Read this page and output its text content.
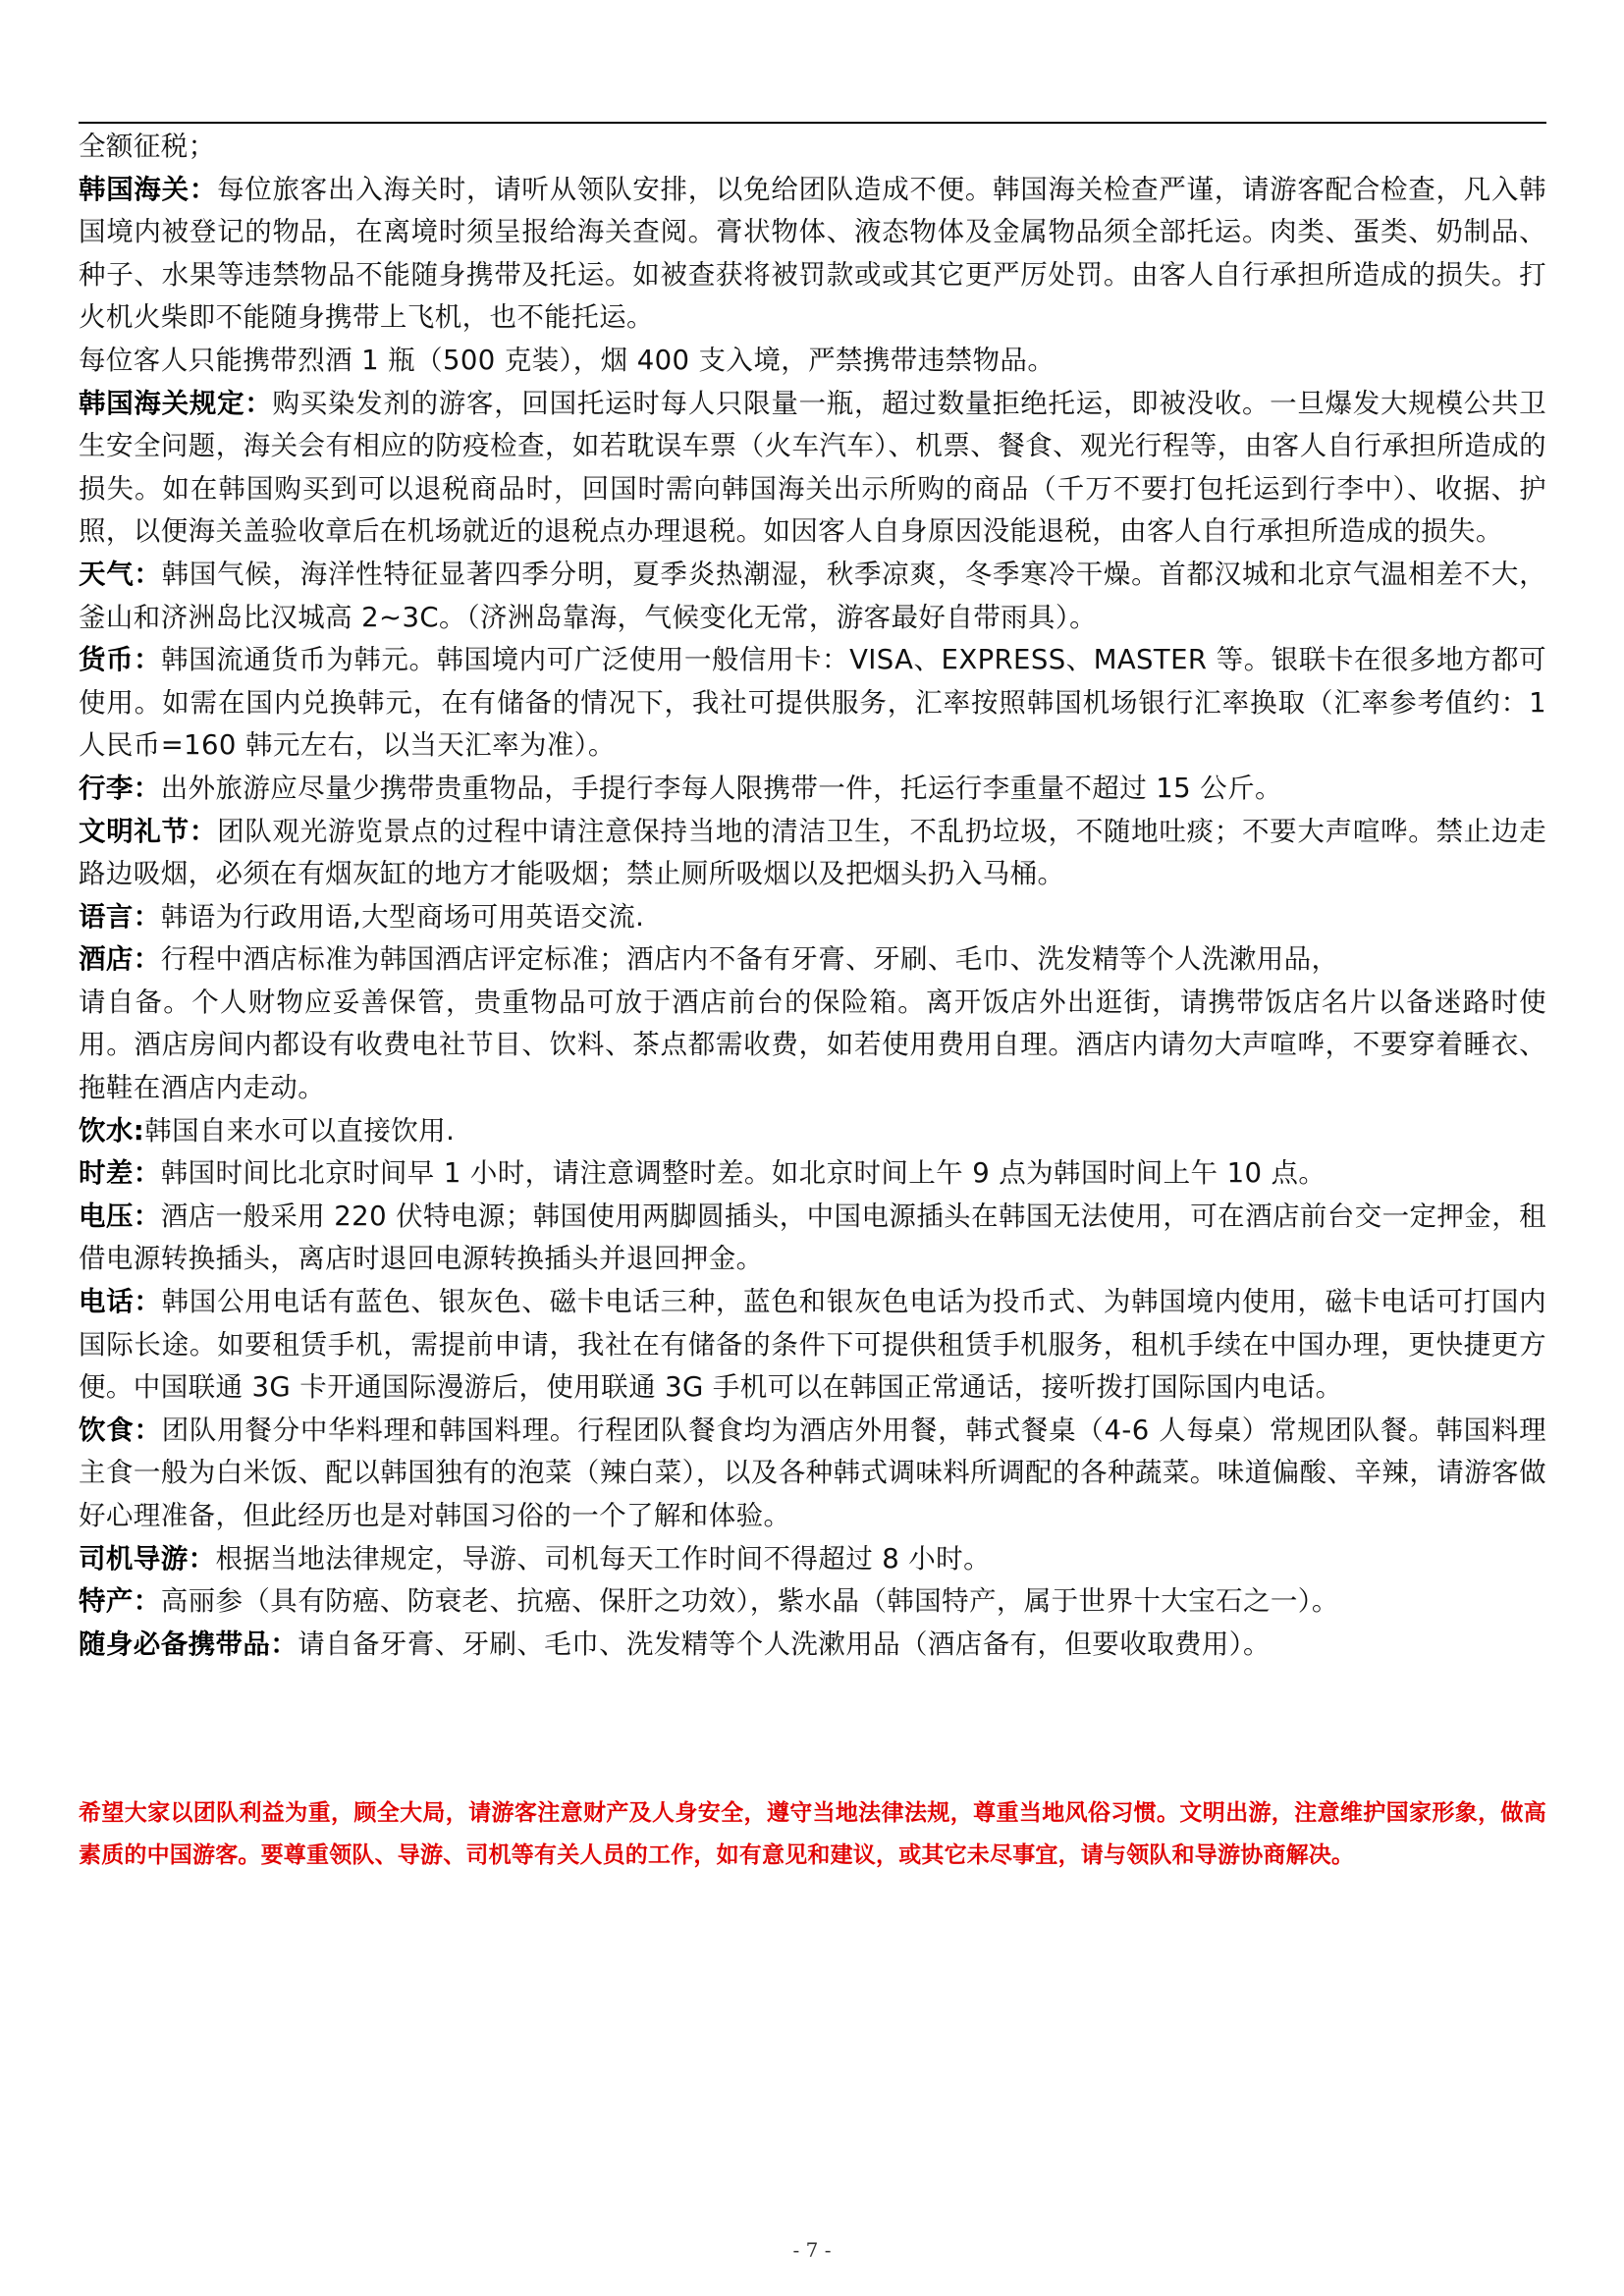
全额征税；

韩国海关：每位旅客出入海关时，请听从领队安排，以免给团队造成不便。韩国海关检查严谨，请游客配合检查，凡入韩国境内被登记的物品，在离境时须呈报给海关查阅。膏状物体、液态物体及金属物品须全部托运。肉类、蛋类、奶制品、种子、水果等违禁物品不能随身携带及托运。如被查获将被罚款或或其它更严厉处罚。由客人自行承担所造成的损失。打火机火柴即不能随身携带上飞机，也不能托运。

每位客人只能携带烈酒 1 瓶（500 克装），烟 400 支入境，严禁携带违禁物品。

韩国海关规定：购买染发剂的游客，回国托运时每人只限量一瓶，超过数量拒绝托运，即被没收。一旦爆发大规模公共卫生安全问题，海关会有相应的防疫检查，如若耽误车票（火车汽车）、机票、餐食、观光行程等，由客人自行承担所造成的损失。如在韩国购买到可以退税商品时，回国时需向韩国海关出示所购的商品（千万不要打包托运到行李中）、收据、护照，以便海关盖验收章后在机场就近的退税点办理退税。如因客人自身原因没能退税，由客人自行承担所造成的损失。

天气：韩国气候，海洋性特征显著四季分明，夏季炎热潮湿，秋季凉爽，冬季寒冷干燥。首都汉城和北京气温相差不大，釜山和济洲岛比汉城高 2~3C。（济洲岛靠海，气候变化无常，游客最好自带雨具）。

货币：韩国流通货币为韩元。韩国境内可广泛使用一般信用卡：VISA、EXPRESS、MASTER 等。银联卡在很多地方都可使用。如需在国内兑换韩元，在有储备的情况下，我社可提供服务，汇率按照韩国机场银行汇率换取（汇率参考值约：1 人民币=160 韩元左右，以当天汇率为准）。

行李：出外旅游应尽量少携带贵重物品，手提行李每人限携带一件，托运行李重量不超过 15 公斤。

文明礼节：团队观光游览景点的过程中请注意保持当地的清洁卫生，不乱扔垃圾，不随地吐痰；不要大声喧哗。禁止边走路边吸烟，必须在有烟灰缸的地方才能吸烟；禁止厕所吸烟以及把烟头扔入马桶。

语言：韩语为行政用语,大型商场可用英语交流.

酒店：行程中酒店标准为韩国酒店评定标准；酒店内不备有牙膏、牙刷、毛巾、洗发精等个人洗漱用品，

请自备。个人财物应妥善保管，贵重物品可放于酒店前台的保险箱。离开饭店外出逛街，请携带饭店名片以备迷路时使用。酒店房间内都设有收费电社节目、饮料、茶点都需收费，如若使用费用自理。酒店内请勿大声喧哗，不要穿着睡衣、拖鞋在酒店内走动。

饮水:韩国自来水可以直接饮用.

时差：韩国时间比北京时间早 1 小时，请注意调整时差。如北京时间上午 9 点为韩国时间上午 10 点。

电压：酒店一般采用 220 伏特电源；韩国使用两脚圆插头，中国电源插头在韩国无法使用，可在酒店前台交一定押金，租借电源转换插头，离店时退回电源转换插头并退回押金。

电话：韩国公用电话有蓝色、银灰色、磁卡电话三种，蓝色和银灰色电话为投币式、为韩国境内使用，磁卡电话可打国内国际长途。如要租赁手机，需提前申请，我社在有储备的条件下可提供租赁手机服务，租机手续在中国办理，更快捷更方便。中国联通 3G 卡开通国际漫游后，使用联通 3G 手机可以在韩国正常通话，接听拨打国际国内电话。

饮食：团队用餐分中华料理和韩国料理。行程团队餐食均为酒店外用餐，韩式餐桌（4-6 人每桌）常规团队餐。韩国料理主食一般为白米饭、配以韩国独有的泡菜（辣白菜），以及各种韩式调味料所调配的各种蔬菜。味道偏酸、辛辣，请游客做好心理准备，但此经历也是对韩国习俗的一个了解和体验。

司机导游：根据当地法律规定，导游、司机每天工作时间不得超过 8 小时。

特产：高丽参（具有防癌、防衰老、抗癌、保肝之功效），紫水晶（韩国特产，属于世界十大宝石之一）。

随身必备携带品：请自备牙膏、牙刷、毛巾、洗发精等个人洗漱用品（酒店备有，但要收取费用）。

希望大家以团队利益为重，顾全大局，请游客注意财产及人身安全，遵守当地法律法规，尊重当地风俗习惯。文明出游，注意维护国家形象，做高素质的中国游客。要尊重领队、导游、司机等有关人员的工作，如有意见和建议，或其它未尽事宜，请与领队和导游协商解决。

- 7 -
